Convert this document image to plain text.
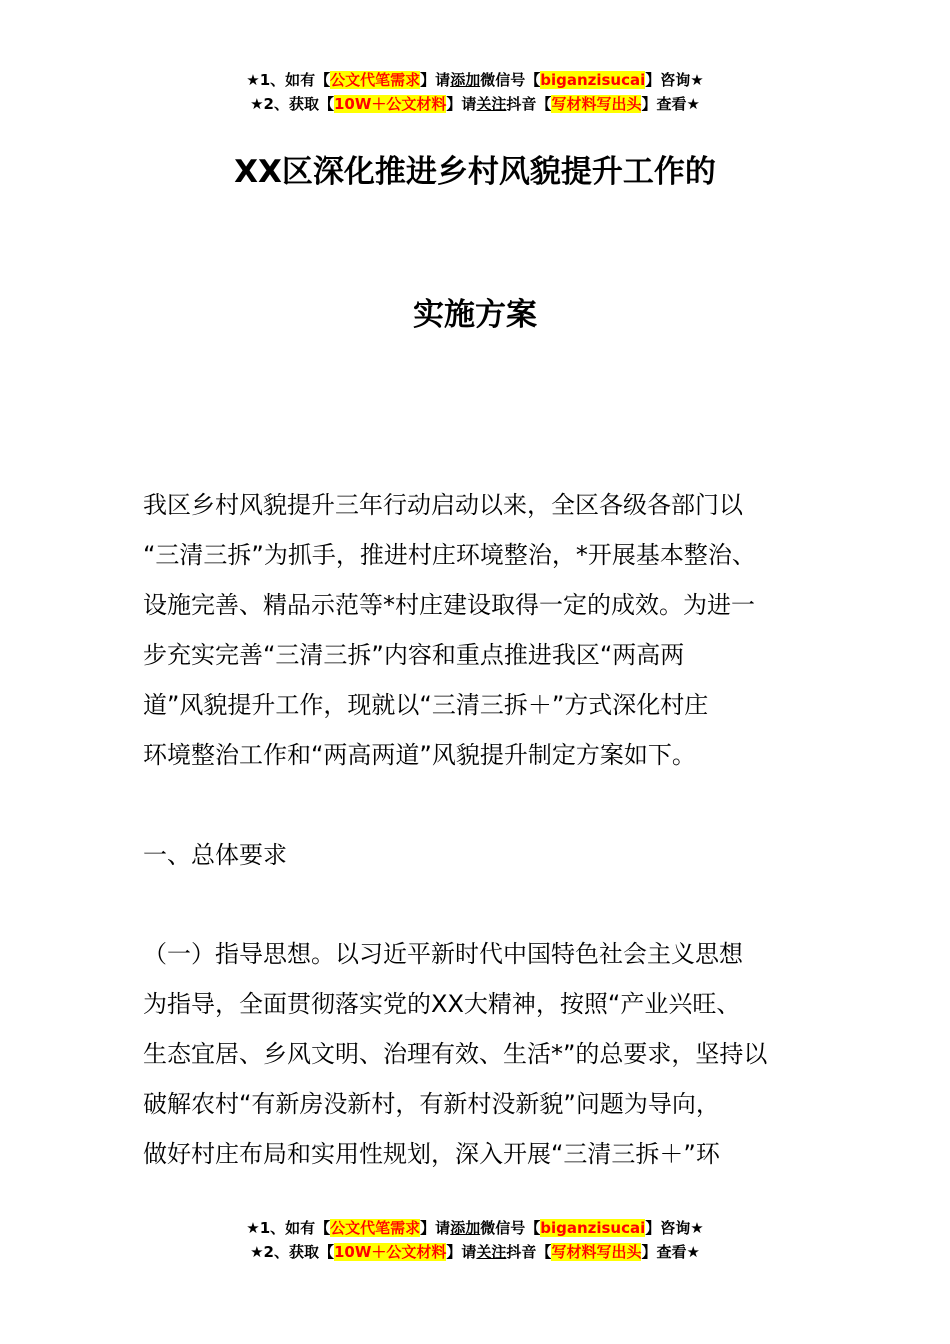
★1、如有【公文代笔需求】请添加微信号【biganzisucai】咨询★
★2、获取【10W＋公文材料】请关注抖音【写材料写出头】查看★
XX区深化推进乡村风貌提升工作的
实施方案
我区乡村风貌提升三年行动启动以来，全区各级各部门以
“三清三拆”为抓手，推进村庄环境整治，*开展基本整治、
设施完善、精品示范等*村庄建设取得一定的成效。为进一
步充实完善“三清三拆”内容和重点推进我区“两高两
道”风貌提升工作，现就以“三清三拆＋”方式深化村庄
环境整治工作和“两高两道”风貌提升制定方案如下。
一、总体要求
（一）指导思想。以习近平新时代中国特色社会主义思想
为指导，全面贯彻落实党的XX大精神，按照“产业兴旺、
生态宜居、乡风文明、治理有效、生活*”的总要求，坚持以
破解农村“有新房没新村，有新村没新貌”问题为导向，
做好村庄布局和实用性规划，深入开展“三清三拆＋”环
★1、如有【公文代笔需求】请添加微信号【biganzisucai】咨询★
★2、获取【10W＋公文材料】请关注抖音【写材料写出头】查看★
